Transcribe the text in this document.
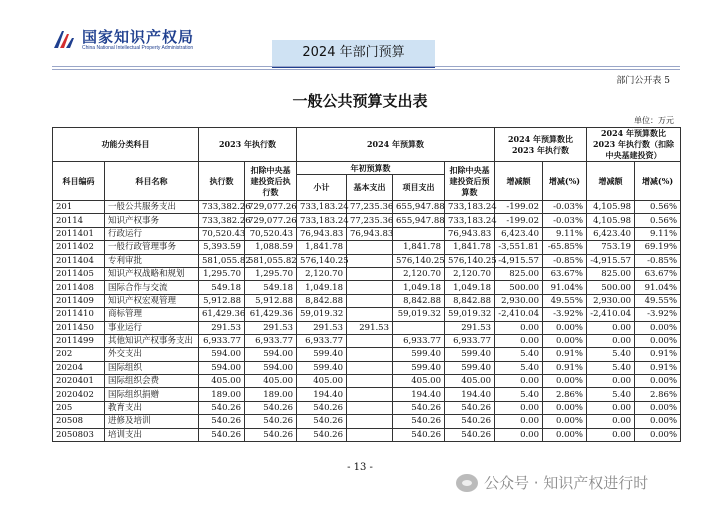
国家知识产权局
China National Intellectual Property Administration	2024 年部门预算
部门公开表 5
一般公共预算支出表
单位：万元
功能分类科目		2023 年执行数		2024 年预算数				2024 年预算数比 2023 年执行数		2024 年预算数比 2023 年执行数（扣除中央基建投资）	
科目编码	科目名称	执行数	扣除中央基建投资后执行数	年初预算数			扣除中央基建投资后预算数	增减额	增减(%)	增减额	增减(%)
				小计	基本支出	项目支出					
201	一般公共服务支出	733,382.26	729,077.26	733,183.24	77,235.36	655,947.88	733,183.24	-199.02	-0.03%	4,105.98	0.56%
20114	知识产权事务	733,382.26	729,077.26	733,183.24	77,235.36	655,947.88	733,183.24	-199.02	-0.03%	4,105.98	0.56%
2011401	行政运行	70,520.43	70,520.43	76,943.83	76,943.83		76,943.83	6,423.40	9.11%	6,423.40	9.11%
2011402	一般行政管理事务	5,393.59	1,088.59	1,841.78		1,841.78	1,841.78	-3,551.81	-65.85%	753.19	69.19%
2011404	专利审批	581,055.82	581,055.82	576,140.25		576,140.25	576,140.25	-4,915.57	-0.85%	-4,915.57	-0.85%
2011405	知识产权战略和规划	1,295.70	1,295.70	2,120.70		2,120.70	2,120.70	825.00	63.67%	825.00	63.67%
2011408	国际合作与交流	549.18	549.18	1,049.18		1,049.18	1,049.18	500.00	91.04%	500.00	91.04%
2011409	知识产权宏观管理	5,912.88	5,912.88	8,842.88		8,842.88	8,842.88	2,930.00	49.55%	2,930.00	49.55%
2011410	商标管理	61,429.36	61,429.36	59,019.32		59,019.32	59,019.32	-2,410.04	-3.92%	-2,410.04	-3.92%
2011450	事业运行	291.53	291.53	291.53	291.53		291.53	0.00	0.00%	0.00	0.00%
2011499	其他知识产权事务支出	6,933.77	6,933.77	6,933.77		6,933.77	6,933.77	0.00	0.00%	0.00	0.00%
202	外交支出	594.00	594.00	599.40		599.40	599.40	5.40	0.91%	5.40	0.91%
20204	国际组织	594.00	594.00	599.40		599.40	599.40	5.40	0.91%	5.40	0.91%
2020401	国际组织会费	405.00	405.00	405.00		405.00	405.00	0.00	0.00%	0.00	0.00%
2020402	国际组织捐赠	189.00	189.00	194.40		194.40	194.40	5.40	2.86%	5.40	2.86%
205	教育支出	540.26	540.26	540.26		540.26	540.26	0.00	0.00%	0.00	0.00%
20508	进修及培训	540.26	540.26	540.26		540.26	540.26	0.00	0.00%	0.00	0.00%
2050803	培训支出	540.26	540.26	540.26		540.26	540.26	0.00	0.00%	0.00	0.00%
- 13 -
公众号 · 知识产权进行时
